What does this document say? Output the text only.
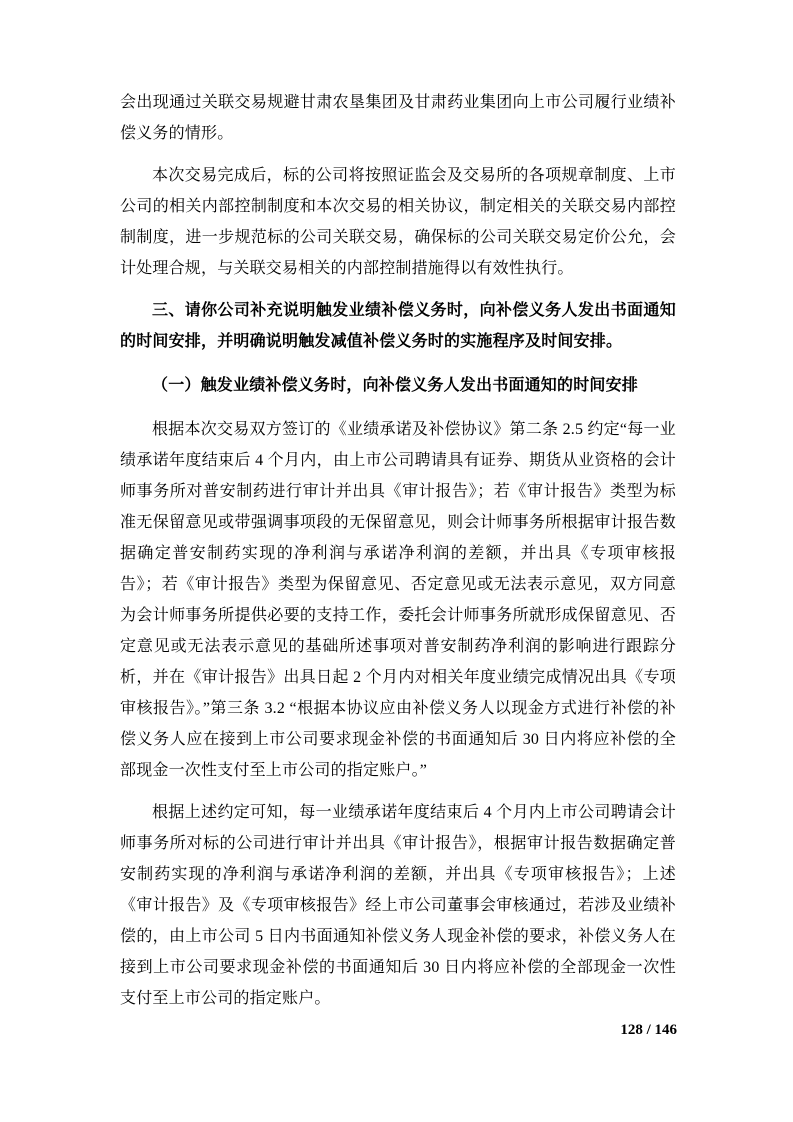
会出现通过关联交易规避甘肃农垦集团及甘肃药业集团向上市公司履行业绩补偿义务的情形。

本次交易完成后，标的公司将按照证监会及交易所的各项规章制度、上市公司的相关内部控制制度和本次交易的相关协议，制定相关的关联交易内部控制制度，进一步规范标的公司关联交易，确保标的公司关联交易定价公允，会计处理合规，与关联交易相关的内部控制措施得以有效性执行。

三、请你公司补充说明触发业绩补偿义务时，向补偿义务人发出书面通知的时间安排，并明确说明触发减值补偿义务时的实施程序及时间安排。

（一）触发业绩补偿义务时，向补偿义务人发出书面通知的时间安排

根据本次交易双方签订的《业绩承诺及补偿协议》第二条 2.5 约定“每一业绩承诺年度结束后 4 个月内，由上市公司聘请具有证券、期货从业资格的会计师事务所对普安制药进行审计并出具《审计报告》；若《审计报告》类型为标准无保留意见或带强调事项段的无保留意见，则会计师事务所根据审计报告数据确定普安制药实现的净利润与承诺净利润的差额，并出具《专项审核报告》；若《审计报告》类型为保留意见、否定意见或无法表示意见，双方同意为会计师事务所提供必要的支持工作，委托会计师事务所就形成保留意见、否定意见或无法表示意见的基础所述事项对普安制药净利润的影响进行跟踪分析，并在《审计报告》出具日起 2 个月内对相关年度业绩完成情况出具《专项审核报告》。”第三条 3.2 “根据本协议应由补偿义务人以现金方式进行补偿的补偿义务人应在接到上市公司要求现金补偿的书面通知后 30 日内将应补偿的全部现金一次性支付至上市公司的指定账户。”

根据上述约定可知，每一业绩承诺年度结束后 4 个月内上市公司聘请会计师事务所对标的公司进行审计并出具《审计报告》，根据审计报告数据确定普安制药实现的净利润与承诺净利润的差额，并出具《专项审核报告》；上述《审计报告》及《专项审核报告》经上市公司董事会审核通过，若涉及业绩补偿的，由上市公司 5 日内书面通知补偿义务人现金补偿的要求，补偿义务人在接到上市公司要求现金补偿的书面通知后 30 日内将应补偿的全部现金一次性支付至上市公司的指定账户。

128 / 146
